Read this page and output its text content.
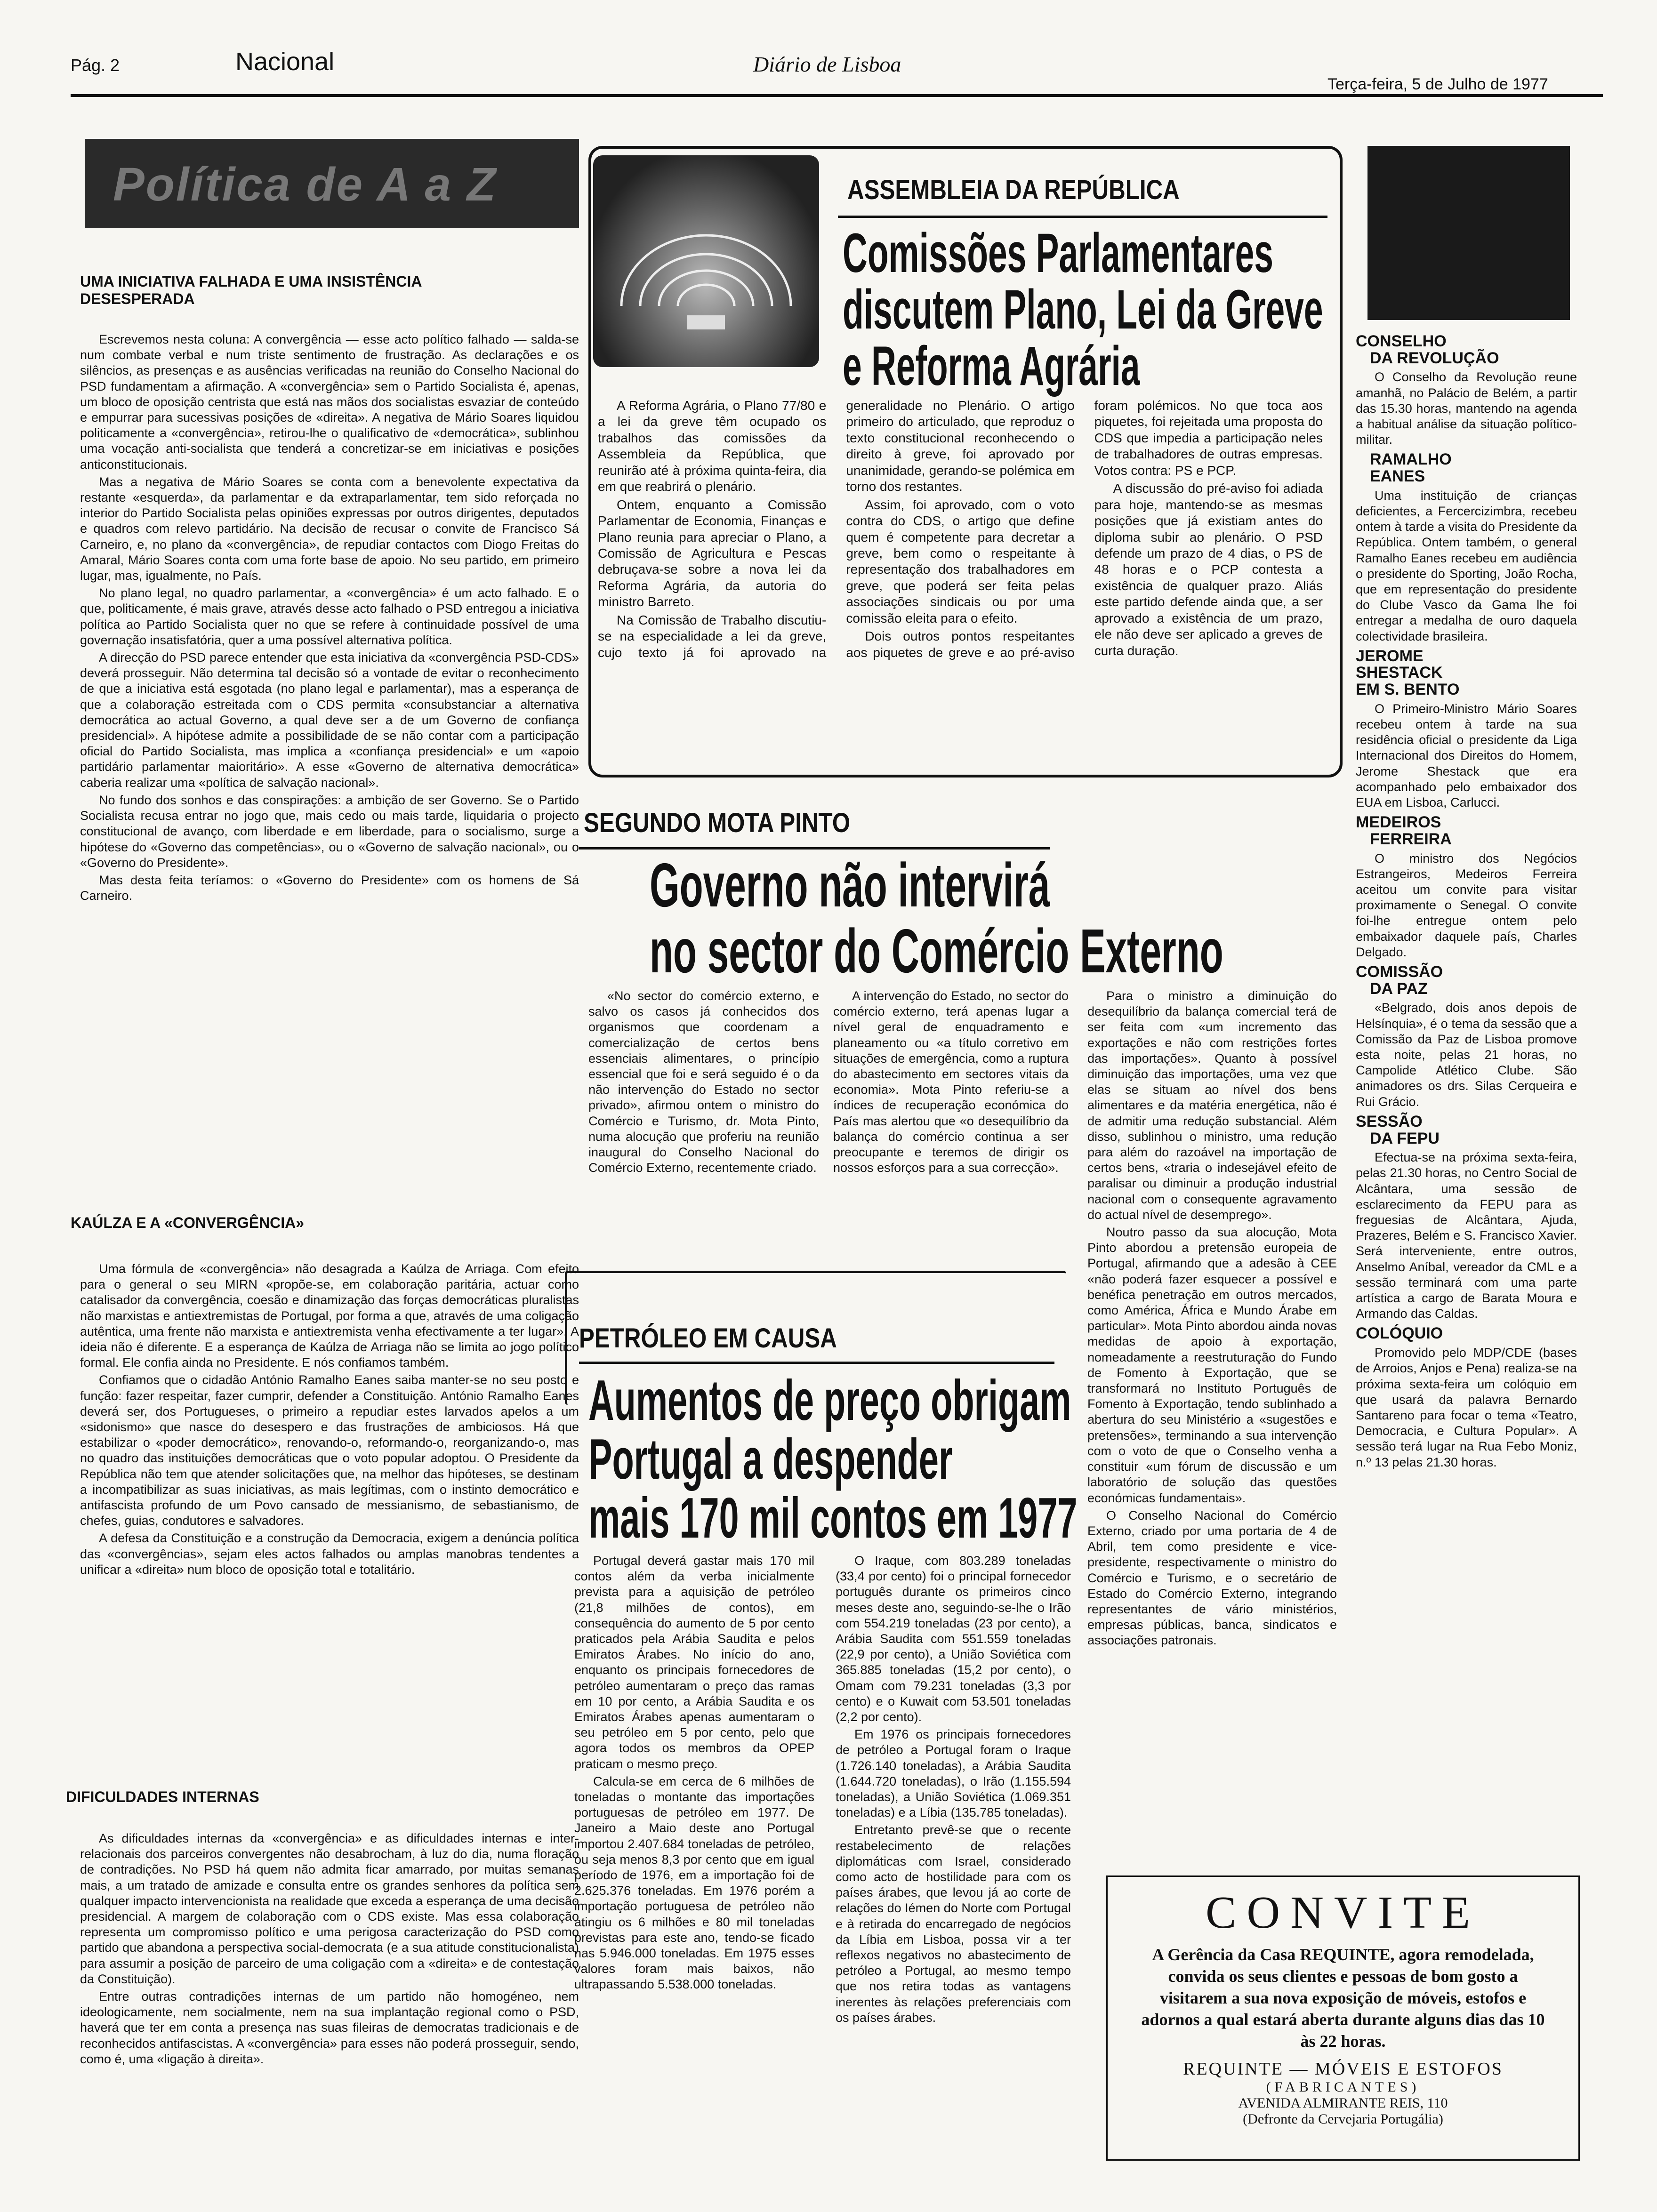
Pág. 2	Nacional	Diário de Lisboa
Terça-feira, 5 de Julho de 1977
Política de A a Z
UMA INICIATIVA FALHADA E UMA INSISTÊNCIA DESESPERADA

Escrevemos nesta coluna: A convergência — esse acto político falhado — salda-se num combate verbal e num triste sentimento de frustração. As declarações e os silêncios, as presenças e as ausências verificadas na reunião do Conselho Nacional do PSD fundamentam a afirmação. A «convergência» sem o Partido Socialista é, apenas, um bloco de oposição centrista que está nas mãos dos socialistas esvaziar de conteúdo e empurrar para sucessivas posições de «direita». A negativa de Mário Soares liquidou politicamente a «convergência», retirou-lhe o qualificativo de «democrática», sublinhou uma vocação anti-socialista que tenderá a concretizar-se em iniciativas e posições anticonstitucionais.

Mas a negativa de Mário Soares se conta com a benevolente expectativa da restante «esquerda», da parlamentar e da extraparlamentar, tem sido reforçada no interior do Partido Socialista pelas opiniões expressas por outros dirigentes, deputados e quadros com relevo partidário. Na decisão de recusar o convite de Francisco Sá Carneiro, e, no plano da «convergência», de repudiar contactos com Diogo Freitas do Amaral, Mário Soares conta com uma forte base de apoio. No seu partido, em primeiro lugar, mas, igualmente, no País.

No plano legal, no quadro parlamentar, a «convergência» é um acto falhado. E o que, politicamente, é mais grave, através desse acto falhado o PSD entregou a iniciativa política ao Partido Socialista quer no que se refere à continuidade possível de uma governação insatisfatória, quer a uma possível alternativa política.

A direcção do PSD parece entender que esta iniciativa da «convergência PSD-CDS» deverá prosseguir. Não determina tal decisão só a vontade de evitar o reconhecimento de que a iniciativa está esgotada (no plano legal e parlamentar), mas a esperança de que a colaboração estreitada com o CDS permita «consubstanciar a alternativa democrática ao actual Governo, a qual deve ser a de um Governo de confiança presidencial». A hipótese admite a possibilidade de se não contar com a participação oficial do Partido Socialista, mas implica a «confiança presidencial» e um «apoio partidário parlamentar maioritário». A esse «Governo de alternativa democrática» caberia realizar uma «política de salvação nacional».

No fundo dos sonhos e das conspirações: a ambição de ser Governo. Se o Partido Socialista recusa entrar no jogo que, mais cedo ou mais tarde, liquidaria o projecto constitucional de avanço, com liberdade e em liberdade, para o socialismo, surge a hipótese do «Governo das competências», ou o «Governo de salvação nacional», ou o «Governo do Presidente».

Mas desta feita teríamos: o «Governo do Presidente» com os homens de Sá Carneiro.

KAÚLZA E A «CONVERGÊNCIA»

Uma fórmula de «convergência» não desagrada a Kaúlza de Arriaga. Com efeito para o general o seu MIRN «propõe-se, em colaboração paritária, actuar como catalisador da convergência, coesão e dinamização das forças democráticas pluralistas não marxistas e antiextremistas de Portugal, por forma a que, através de uma coligação autêntica, uma frente não marxista e antiextremista venha efectivamente a ter lugar». A ideia não é diferente. E a esperança de Kaúlza de Arriaga não se limita ao jogo político formal. Ele confia ainda no Presidente. E nós confiamos também.

Confiamos que o cidadão António Ramalho Eanes saiba manter-se no seu posto e função: fazer respeitar, fazer cumprir, defender a Constituição. António Ramalho Eanes deverá ser, dos Portugueses, o primeiro a repudiar estes larvados apelos a um «sidonismo» que nasce do desespero e das frustrações de ambiciosos. Há que estabilizar o «poder democrático», renovando-o, reformando-o, reorganizando-o, mas no quadro das instituições democráticas que o voto popular adoptou. O Presidente da República não tem que atender solicitações que, na melhor das hipóteses, se destinam a incompatibilizar as suas iniciativas, as mais legítimas, com o instinto democrático e antifascista profundo de um Povo cansado de messianismo, de sebastianismo, de chefes, guias, condutores e salvadores.

A defesa da Constituição e a construção da Democracia, exigem a denúncia política das «convergências», sejam eles actos falhados ou amplas manobras tendentes a unificar a «direita» num bloco de oposição total e totalitário.

DIFICULDADES INTERNAS

As dificuldades internas da «convergência» e as dificuldades internas e inter-relacionais dos parceiros convergentes não desabrocham, à luz do dia, numa floração de contradições. No PSD há quem não admita ficar amarrado, por muitas semanas mais, a um tratado de amizade e consulta entre os grandes senhores da política sem qualquer impacto intervencionista na realidade que exceda a esperança de uma decisão presidencial. A margem de colaboração com o CDS existe. Mas essa colaboração representa um compromisso político e uma perigosa caracterização do PSD como partido que abandona a perspectiva social-democrata (e a sua atitude constitucionalista) para assumir a posição de parceiro de uma coligação com a «direita» e de contestação da Constituição).

Entre outras contradições internas de um partido não homogéneo, nem ideologicamente, nem socialmente, nem na sua implantação regional como o PSD, haverá que ter em conta a presença nas suas fileiras de democratas tradicionais e de reconhecidos antifascistas. A «convergência» para esses não poderá prosseguir, sendo, como é, uma «ligação à direita».

ASSEMBLEIA DA REPÚBLICA
Comissões Parlamentares
discutem Plano, Lei da Greve
e Reforma Agrária

A Reforma Agrária, o Plano 77/80 e a lei da greve têm ocupado os trabalhos das comissões da Assembleia da República, que reunirão até à próxima quinta-feira, dia em que reabrirá o plenário.

Ontem, enquanto a Comissão Parlamentar de Economia, Finanças e Plano reunia para apreciar o Plano, a Comissão de Agricultura e Pescas debruçava-se sobre a nova lei da Reforma Agrária, da autoria do ministro Barreto.

Na Comissão de Trabalho discutiu-se na especialidade a lei da greve, cujo texto já foi aprovado na generalidade no Plenário. O artigo primeiro do articulado, que reproduz o texto constitucional reconhecendo o direito à greve, foi aprovado por unanimidade, gerando-se polémica em torno dos restantes.

Assim, foi aprovado, com o voto contra do CDS, o artigo que define quem é competente para decretar a greve, bem como o respeitante à representação dos trabalhadores em greve, que poderá ser feita pelas associações sindicais ou por uma comissão eleita para o efeito.

Dois outros pontos respeitantes aos piquetes de greve e ao pré-aviso foram polémicos. No que toca aos piquetes, foi rejeitada uma proposta do CDS que impedia a participação neles de trabalhadores de outras empresas. Votos contra: PS e PCP.

A discussão do pré-aviso foi adiada para hoje, mantendo-se as mesmas posições que já existiam antes do diploma subir ao plenário. O PSD defende um prazo de 4 dias, o PS de 48 horas e o PCP contesta a existência de qualquer prazo. Aliás este partido defende ainda que, a ser aprovado a existência de um prazo, ele não deve ser aplicado a greves de curta duração.

SEGUNDO MOTA PINTO
Governo não intervirá
no sector do Comércio Externo

«No sector do comércio externo, e salvo os casos já conhecidos dos organismos que coordenam a comercialização de certos bens essenciais alimentares, o princípio essencial que foi e será seguido é o da não intervenção do Estado no sector privado», afirmou ontem o ministro do Comércio e Turismo, dr. Mota Pinto, numa alocução que proferiu na reunião inaugural do Conselho Nacional do Comércio Externo, recentemente criado.

A intervenção do Estado, no sector do comércio externo, terá apenas lugar a nível geral de enquadramento e planeamento ou «a título corretivo em situações de emergência, como a ruptura do abastecimento em sectores vitais da economia». Mota Pinto referiu-se a índices de recuperação económica do País mas alertou que «o desequilíbrio da balança do comércio continua a ser preocupante e teremos de dirigir os nossos esforços para a sua correcção».

Para o ministro a diminuição do desequilíbrio da balança comercial terá de ser feita com «um incremento das exportações e não com restrições fortes das importações». Quanto à possível diminuição das importações, uma vez que elas se situam ao nível dos bens alimentares e da matéria energética, não é de admitir uma redução substancial. Além disso, sublinhou o ministro, uma redução para além do razoável na importação de certos bens, «traria o indesejável efeito de paralisar ou diminuir a produção industrial nacional com o consequente agravamento do actual nível de desemprego».

Noutro passo da sua alocução, Mota Pinto abordou a pretensão europeia de Portugal, afirmando que a adesão à CEE «não poderá fazer esquecer a possível e benéfica penetração em outros mercados, como América, África e Mundo Árabe em particular». Mota Pinto abordou ainda novas medidas de apoio à exportação, nomeadamente a reestruturação do Fundo de Fomento à Exportação, que se transformará no Instituto Português de Fomento à Exportação, tendo sublinhado a abertura do seu Ministério a «sugestões e pretensões», terminando a sua intervenção com o voto de que o Conselho venha a constituir «um fórum de discussão e um laboratório de solução das questões económicas fundamentais».

O Conselho Nacional do Comércio Externo, criado por uma portaria de 4 de Abril, tem como presidente e vice-presidente, respectivamente o ministro do Comércio e Turismo, e o secretário de Estado do Comércio Externo, integrando representantes de vário ministérios, empresas públicas, banca, sindicatos e associações patronais.

PETRÓLEO EM CAUSA
Aumentos de preço obrigam
Portugal a despender
mais 170 mil contos em 1977

Portugal deverá gastar mais 170 mil contos além da verba inicialmente prevista para a aquisição de petróleo (21,8 milhões de contos), em consequência do aumento de 5 por cento praticados pela Arábia Saudita e pelos Emiratos Árabes. No início do ano, enquanto os principais fornecedores de petróleo aumentaram o preço das ramas em 10 por cento, a Arábia Saudita e os Emiratos Árabes apenas aumentaram o seu petróleo em 5 por cento, pelo que agora todos os membros da OPEP praticam o mesmo preço.

Calcula-se em cerca de 6 milhões de toneladas o montante das importações portuguesas de petróleo em 1977. De Janeiro a Maio deste ano Portugal importou 2.407.684 toneladas de petróleo, ou seja menos 8,3 por cento que em igual período de 1976, em a importação foi de 2.625.376 toneladas. Em 1976 porém a importação portuguesa de petróleo não atingiu os 6 milhões e 80 mil toneladas previstas para este ano, tendo-se ficado nas 5.946.000 toneladas. Em 1975 esses valores foram mais baixos, não ultrapassando 5.538.000 toneladas.

O Iraque, com 803.289 toneladas (33,4 por cento) foi o principal fornecedor português durante os primeiros cinco meses deste ano, seguindo-se-lhe o Irão com 554.219 toneladas (23 por cento), a Arábia Saudita com 551.559 toneladas (22,9 por cento), a União Soviética com 365.885 toneladas (15,2 por cento), o Omam com 79.231 toneladas (3,3 por cento) e o Kuwait com 53.501 toneladas (2,2 por cento).

Em 1976 os principais fornecedores de petróleo a Portugal foram o Iraque (1.726.140 toneladas), a Arábia Saudita (1.644.720 toneladas), o Irão (1.155.594 toneladas), a União Soviética (1.069.351 toneladas) e a Líbia (135.785 toneladas).

Entretanto prevê-se que o recente restabelecimento de relações diplomáticas com Israel, considerado como acto de hostilidade para com os países árabes, que levou já ao corte de relações do Iémen do Norte com Portugal e à retirada do encarregado de negócios da Líbia em Lisboa, possa vir a ter reflexos negativos no abastecimento de petróleo a Portugal, ao mesmo tempo que nos retira todas as vantagens inerentes às relações preferenciais com os países árabes.

CONSELHO

DA REVOLUÇÃO

O Conselho da Revolução reune amanhã, no Palácio de Belém, a partir das 15.30 horas, mantendo na agenda a habitual análise da situação político-militar.

RAMALHO
EANES

Uma instituição de crianças deficientes, a Fercercizimbra, recebeu ontem à tarde a visita do Presidente da República. Ontem também, o general Ramalho Eanes recebeu em audiência o presidente do Sporting, João Rocha, que em representação do presidente do Clube Vasco da Gama lhe foi entregar a medalha de ouro daquela colectividade brasileira.

JEROME
SHESTACK
EM S. BENTO

O Primeiro-Ministro Mário Soares recebeu ontem à tarde na sua residência oficial o presidente da Liga Internacional dos Direitos do Homem, Jerome Shestack que era acompanhado pelo embaixador dos EUA em Lisboa, Carlucci.

MEDEIROS

FERREIRA

O ministro dos Negócios Estrangeiros, Medeiros Ferreira aceitou um convite para visitar proximamente o Senegal. O convite foi-lhe entregue ontem pelo embaixador daquele país, Charles Delgado.

COMISSÃO

DA PAZ

«Belgrado, dois anos depois de Helsínquia», é o tema da sessão que a Comissão da Paz de Lisboa promove esta noite, pelas 21 horas, no Campolide Atlético Clube. São animadores os drs. Silas Cerqueira e Rui Grácio.

SESSÃO

DA FEPU

Efectua-se na próxima sexta-feira, pelas 21.30 horas, no Centro Social de Alcântara, uma sessão de esclarecimento da FEPU para as freguesias de Alcântara, Ajuda, Prazeres, Belém e S. Francisco Xavier. Será interveniente, entre outros, Anselmo Aníbal, vereador da CML e a sessão terminará com uma parte artística a cargo de Barata Moura e Armando das Caldas.

COLÓQUIO

Promovido pelo MDP/CDE (bases de Arroios, Anjos e Pena) realiza-se na próxima sexta-feira um colóquio em que usará da palavra Bernardo Santareno para focar o tema «Teatro, Democracia, e Cultura Popular». A sessão terá lugar na Rua Febo Moniz, n.º 13 pelas 21.30 horas.

CONVITE
A Gerência da Casa REQUINTE, agora remodelada, convida os seus clientes e pessoas de bom gosto a visitarem a sua nova exposição de móveis, estofos e adornos a qual estará aberta durante alguns dias das 10 às 22 horas.
REQUINTE — MÓVEIS E ESTOFOS
(FABRICANTES)
AVENIDA ALMIRANTE REIS, 110
(Defronte da Cervejaria Portugália)
